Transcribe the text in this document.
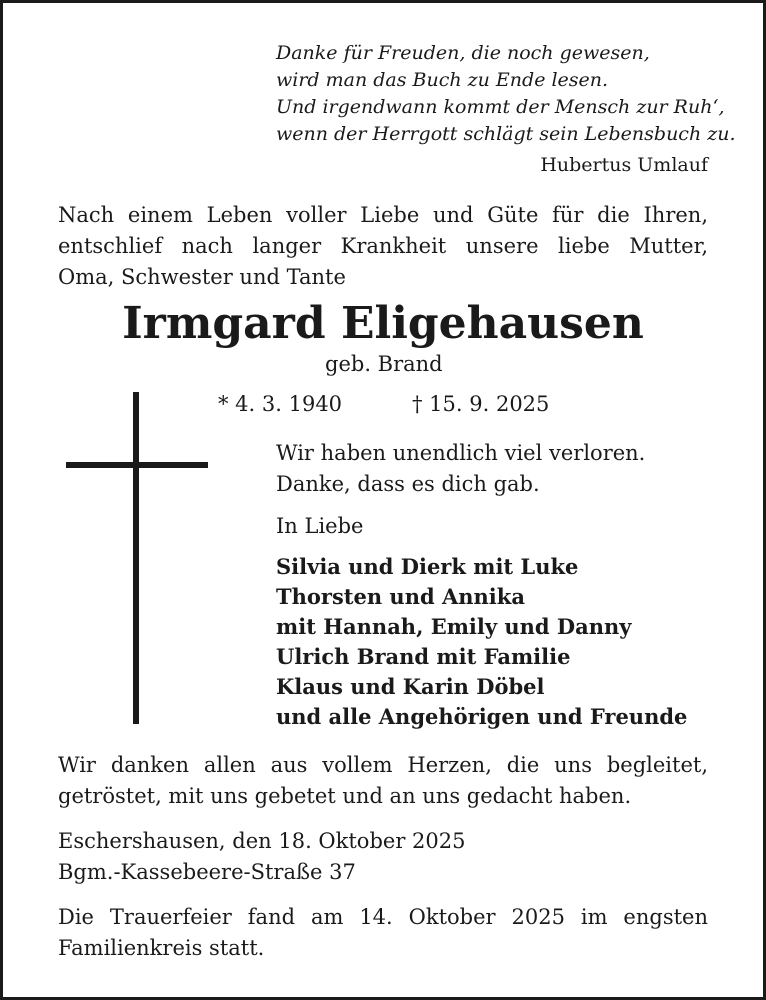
Danke für Freuden, die noch gewesen,
wird man das Buch zu Ende lesen.
Und irgendwann kommt der Mensch zur Ruh‘,
wenn der Herrgott schlägt sein Lebensbuch zu.
Hubertus Umlauf
Nach einem Leben voller Liebe und Güte für die Ihren,
entschlief nach langer Krankheit unsere liebe Mutter,
Oma, Schwester und Tante
Irmgard Eligehausen
geb. Brand
* 4. 3. 1940	† 15. 9. 2025
Wir haben unendlich viel verloren.
Danke, dass es dich gab.
In Liebe
Silvia und Dierk mit Luke
Thorsten und Annika
mit Hannah, Emily und Danny
Ulrich Brand mit Familie
Klaus und Karin Döbel
und alle Angehörigen und Freunde
Wir danken allen aus vollem Herzen, die uns begleitet,
getröstet, mit uns gebetet und an uns gedacht haben.
Eschershausen, den 18. Oktober 2025
Bgm.-Kassebeere-Straße 37
Die Trauerfeier fand am 14. Oktober 2025 im engsten
Familienkreis statt.
